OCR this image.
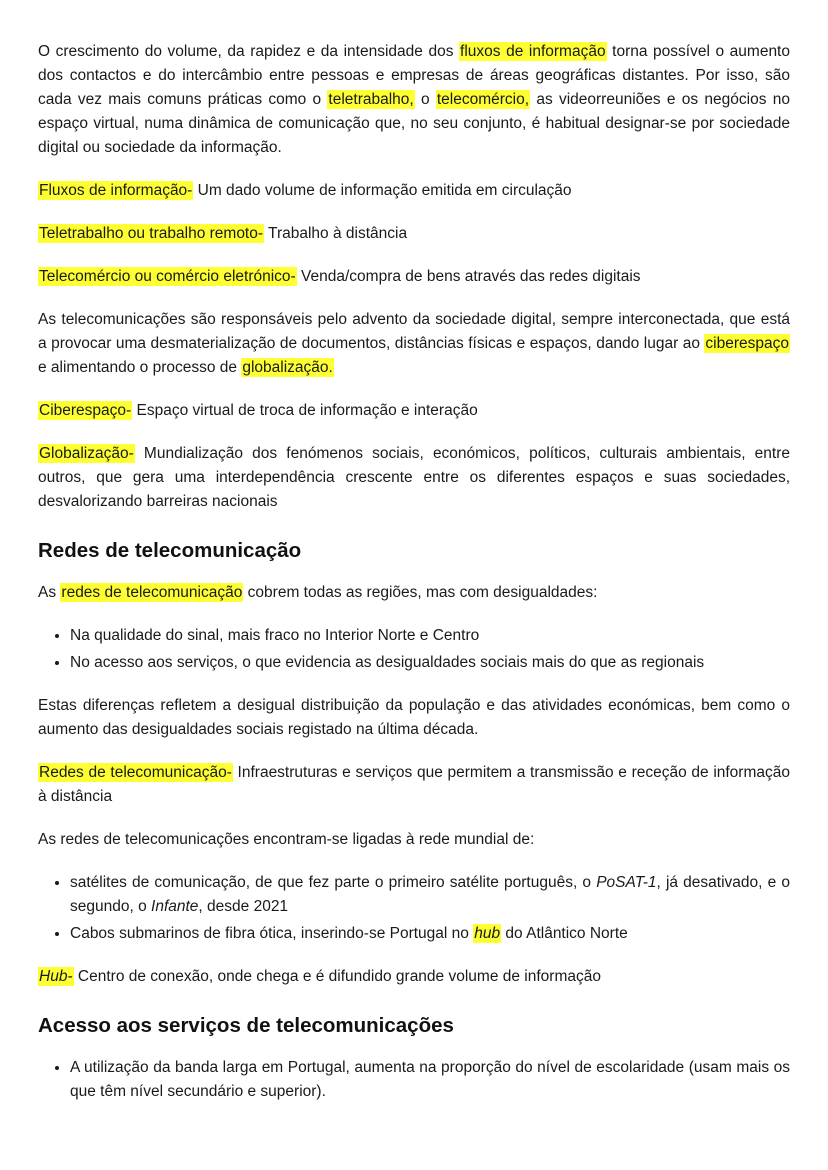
O crescimento do volume, da rapidez e da intensidade dos fluxos de informação torna possível o aumento dos contactos e do intercâmbio entre pessoas e empresas de áreas geográficas distantes. Por isso, são cada vez mais comuns práticas como o teletrabalho, o telecomércio, as videorreuniões e os negócios no espaço virtual, numa dinâmica de comunicação que, no seu conjunto, é habitual designar-se por sociedade digital ou sociedade da informação.

Fluxos de informação- Um dado volume de informação emitida em circulação

Teletrabalho ou trabalho remoto- Trabalho à distância

Telecomércio ou comércio eletrónico- Venda/compra de bens através das redes digitais

As telecomunicações são responsáveis pelo advento da sociedade digital, sempre interconectada, que está a provocar uma desmaterialização de documentos, distâncias físicas e espaços, dando lugar ao ciberespaço e alimentando o processo de globalização.

Ciberespaço- Espaço virtual de troca de informação e interação

Globalização- Mundialização dos fenómenos sociais, económicos, políticos, culturais ambientais, entre outros, que gera uma interdependência crescente entre os diferentes espaços e suas sociedades, desvalorizando barreiras nacionais

Redes de telecomunicação

As redes de telecomunicação cobrem todas as regiões, mas com desigualdades:

• Na qualidade do sinal, mais fraco no Interior Norte e Centro
• No acesso aos serviços, o que evidencia as desigualdades sociais mais do que as regionais

Estas diferenças refletem a desigual distribuição da população e das atividades económicas, bem como o aumento das desigualdades sociais registado na última década.

Redes de telecomunicação- Infraestruturas e serviços que permitem a transmissão e receção de informação à distância

As redes de telecomunicações encontram-se ligadas à rede mundial de:

• satélites de comunicação, de que fez parte o primeiro satélite português, o PoSAT-1, já desativado, e o segundo, o Infante, desde 2021
• Cabos submarinos de fibra ótica, inserindo-se Portugal no hub do Atlântico Norte

Hub- Centro de conexão, onde chega e é difundido grande volume de informação

Acesso aos serviços de telecomunicações
• A utilização da banda larga em Portugal, aumenta na proporção do nível de escolaridade (usam mais os que têm nível secundário e superior).
